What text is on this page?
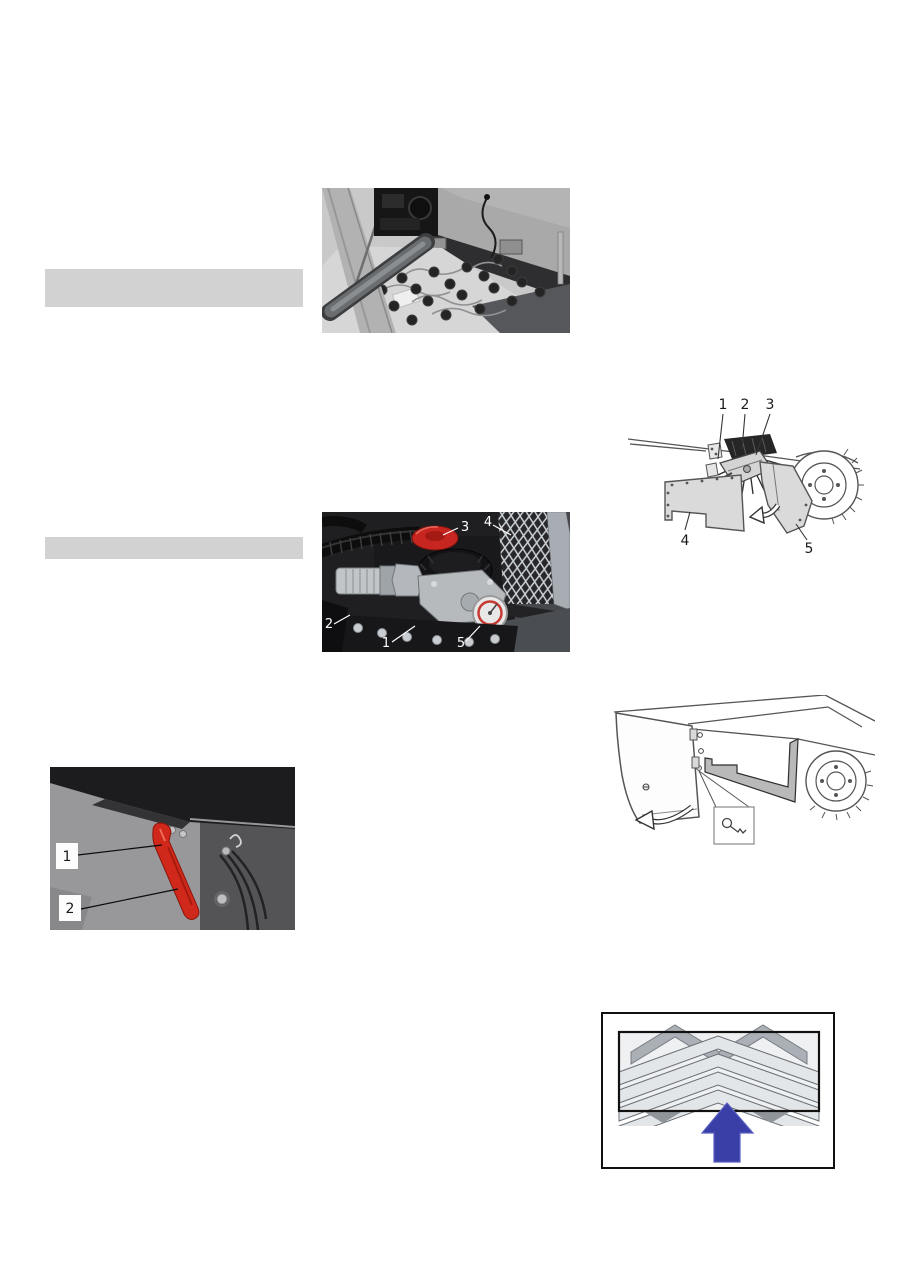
1 2 3
4	5
3 4
2
1	5
1
2
